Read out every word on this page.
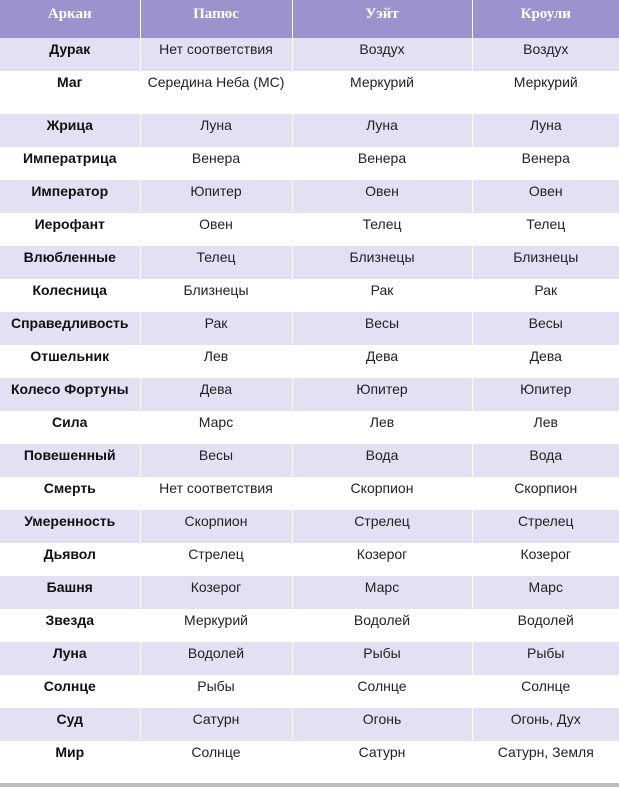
Аркан	Папюс	Уэйт	Кроули
Дурак	Нет соответствия	Воздух	Воздух
Маг	Середина Неба (MC)	Меркурий	Меркурий
Жрица	Луна	Луна	Луна
Императрица	Венера	Венера	Венера
Император	Юпитер	Овен	Овен
Иерофант	Овен	Телец	Телец
Влюбленные	Телец	Близнецы	Близнецы
Колесница	Близнецы	Рак	Рак
Справедливость	Рак	Весы	Весы
Отшельник	Лев	Дева	Дева
Колесо Фортуны	Дева	Юпитер	Юпитер
Сила	Марс	Лев	Лев
Повешенный	Весы	Вода	Вода
Смерть	Нет соответствия	Скорпион	Скорпион
Умеренность	Скорпион	Стрелец	Стрелец
Дьявол	Стрелец	Козерог	Козерог
Башня	Козерог	Марс	Марс
Звезда	Меркурий	Водолей	Водолей
Луна	Водолей	Рыбы	Рыбы
Солнце	Рыбы	Солнце	Солнце
Суд	Сатурн	Огонь	Огонь, Дух
Мир	Солнце	Сатурн	Сатурн, Земля
